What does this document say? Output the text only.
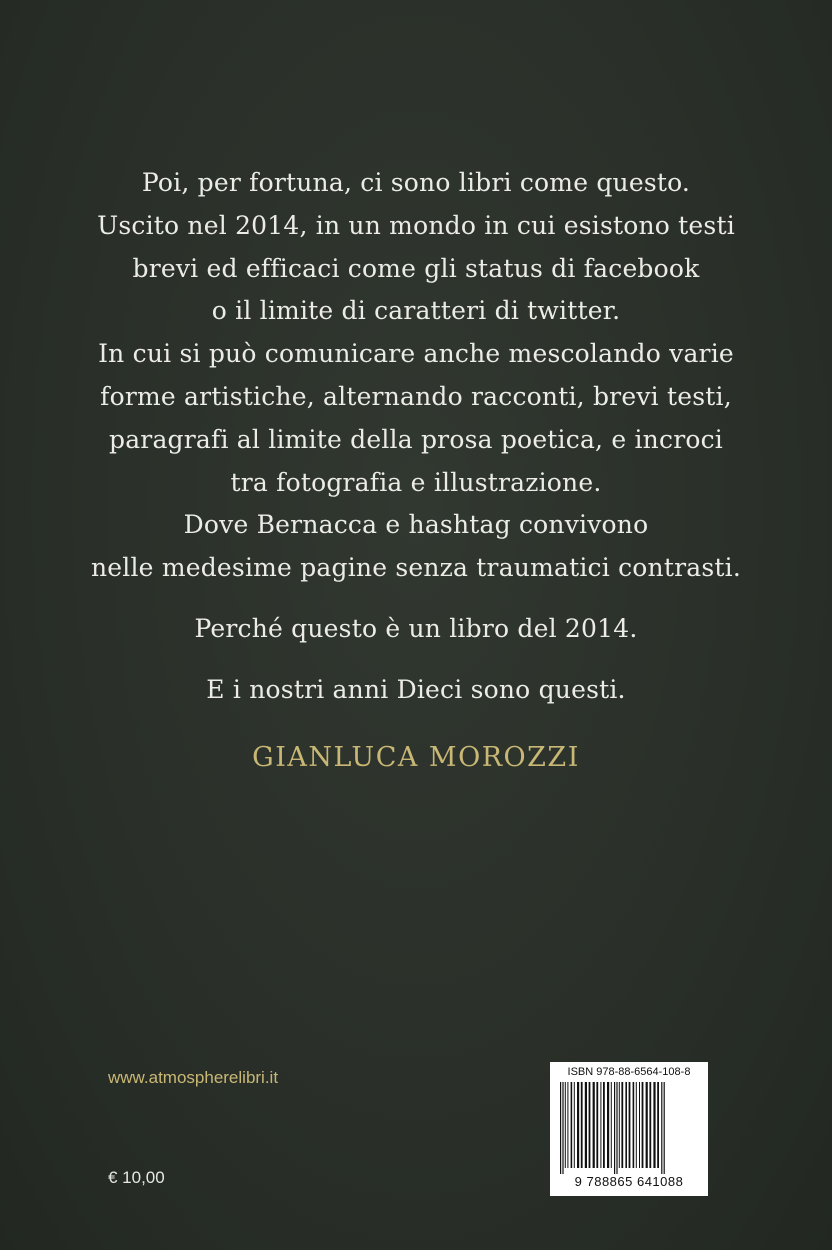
Poi, per fortuna, ci sono libri come questo.
Uscito nel 2014, in un mondo in cui esistono testi
brevi ed efficaci come gli status di facebook
o il limite di caratteri di twitter.
In cui si può comunicare anche mescolando varie
forme artistiche, alternando racconti, brevi testi,
paragrafi al limite della prosa poetica, e incroci
tra fotografia e illustrazione.
Dove Bernacca e hashtag convivono
nelle medesime pagine senza traumatici contrasti.
Perché questo è un libro del 2014.
E i nostri anni Dieci sono questi.
GIANLUCA MOROZZI
www.atmospherelibri.it
€ 10,00
ISBN 978-88-6564-108-8
9 788865 641088
